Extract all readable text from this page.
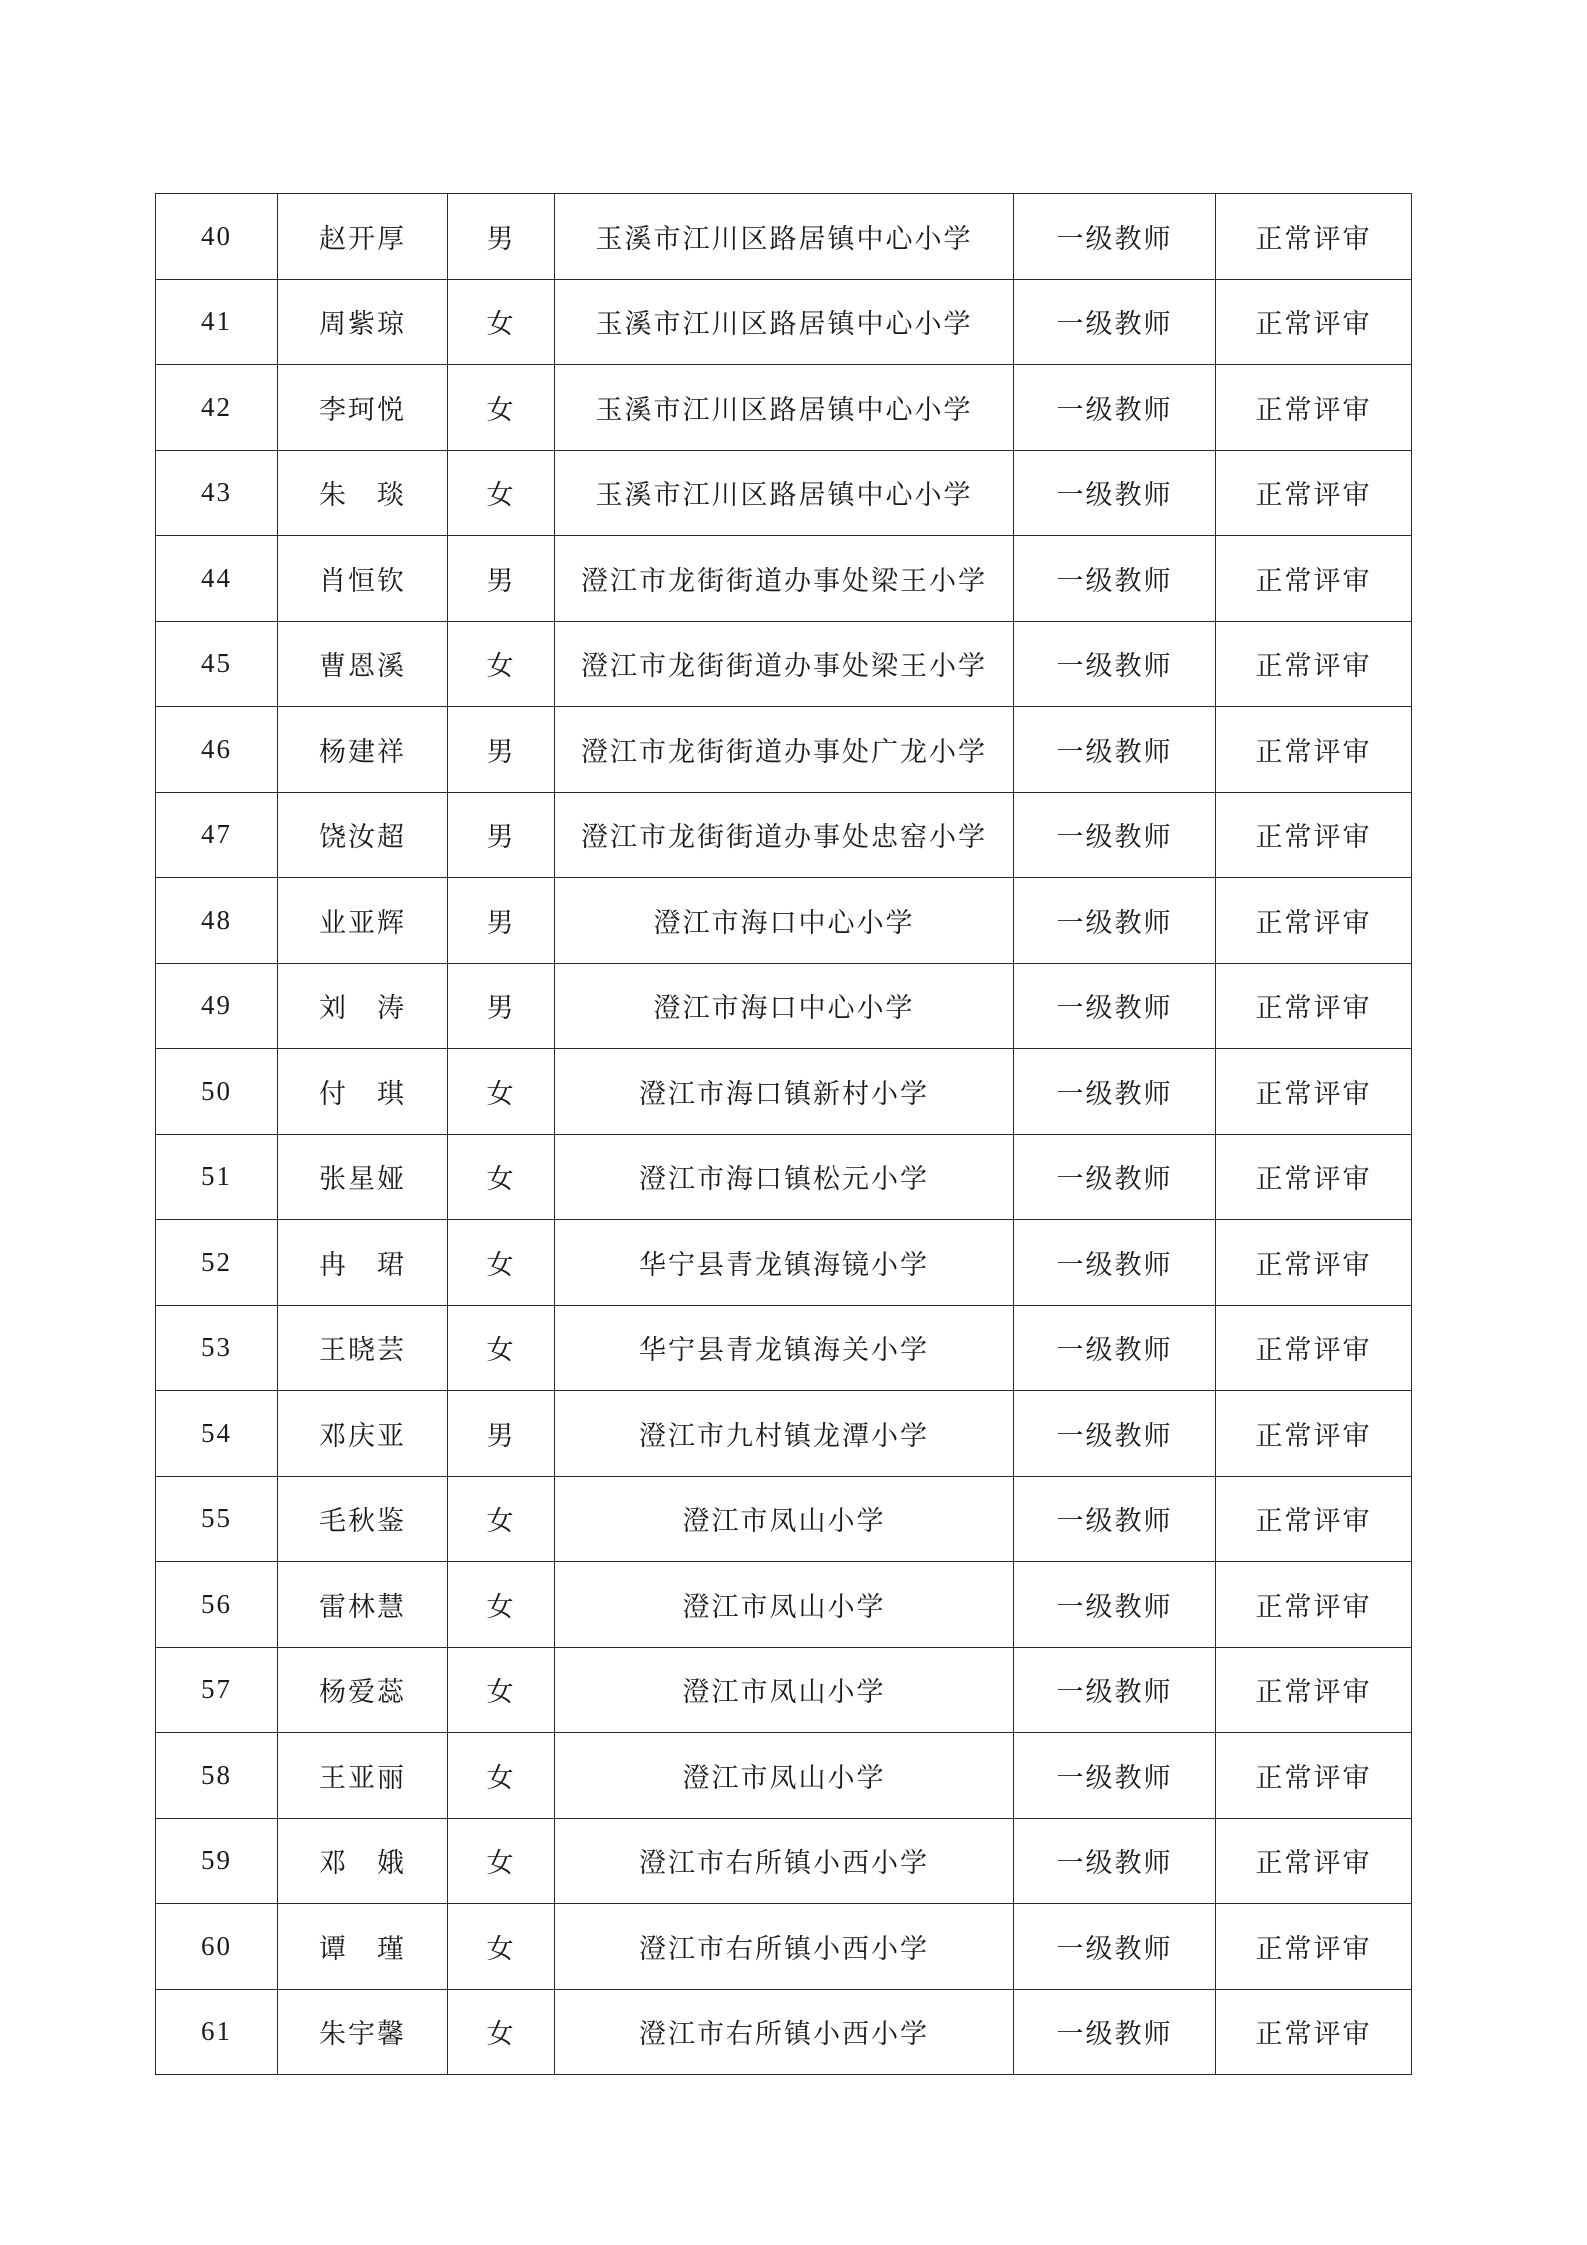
40	赵开厚	男	玉溪市江川区路居镇中心小学	一级教师	正常评审
41	周紫琼	女	玉溪市江川区路居镇中心小学	一级教师	正常评审
42	李珂悦	女	玉溪市江川区路居镇中心小学	一级教师	正常评审
43	朱　琰	女	玉溪市江川区路居镇中心小学	一级教师	正常评审
44	肖恒钦	男	澄江市龙街街道办事处梁王小学	一级教师	正常评审
45	曹恩溪	女	澄江市龙街街道办事处梁王小学	一级教师	正常评审
46	杨建祥	男	澄江市龙街街道办事处广龙小学	一级教师	正常评审
47	饶汝超	男	澄江市龙街街道办事处忠窑小学	一级教师	正常评审
48	业亚辉	男	澄江市海口中心小学	一级教师	正常评审
49	刘　涛	男	澄江市海口中心小学	一级教师	正常评审
50	付　琪	女	澄江市海口镇新村小学	一级教师	正常评审
51	张星娅	女	澄江市海口镇松元小学	一级教师	正常评审
52	冉　珺	女	华宁县青龙镇海镜小学	一级教师	正常评审
53	王晓芸	女	华宁县青龙镇海关小学	一级教师	正常评审
54	邓庆亚	男	澄江市九村镇龙潭小学	一级教师	正常评审
55	毛秋鉴	女	澄江市凤山小学	一级教师	正常评审
56	雷林慧	女	澄江市凤山小学	一级教师	正常评审
57	杨爱蕊	女	澄江市凤山小学	一级教师	正常评审
58	王亚丽	女	澄江市凤山小学	一级教师	正常评审
59	邓　娥	女	澄江市右所镇小西小学	一级教师	正常评审
60	谭　瑾	女	澄江市右所镇小西小学	一级教师	正常评审
61	朱宇馨	女	澄江市右所镇小西小学	一级教师	正常评审
